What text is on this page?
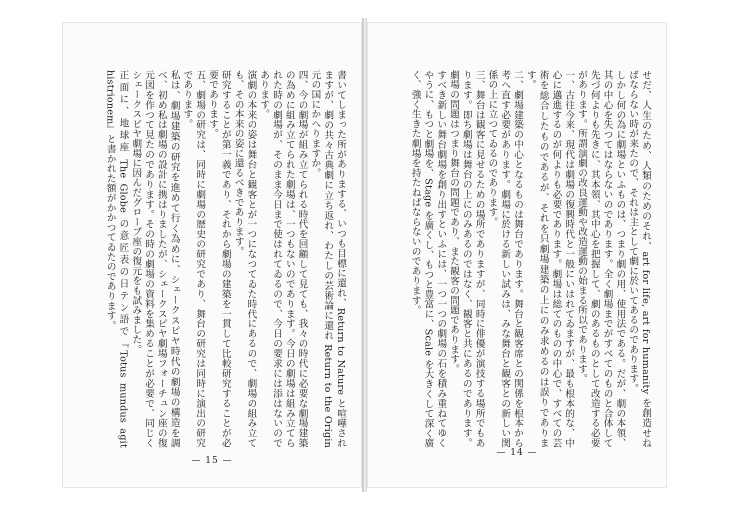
書いてしまった所がありまする、いつも目標に還れ、Return to Nature と喧嘩されますが、劇の共々古典劇に立ち返れ、わたしの芸術論に還れ Return to the Origin 元の国にかへりますか。
四、今の劇場が組み立てられる時代を回顧して見ても、我々の時代に必要な劇場建築の為めに組み立てられた劇場は、一つもないのであります。今日の劇場は組み立てられた時の劇場が、そのまま今日まで使はれてゐるので、今日の要求には添はないのであります。
演劇の本来の姿は舞台と観客とが一つになつてゐた時代にあるので、劇場の組み立ても、その本来の姿に還るべきであります。
研究することが第一義であり、それから劇場の建築を一貫して比較研究することが必要であります。
五、劇場の研究は、同時に劇場の歴史の研究であり、舞台の研究は同時に演出の研究であります。
私は、劇場建築の研究を進めて行く為めに、シェークスピヤ時代の劇場の構造を調べ、初め私は劇場の設計に携はりましたが、シェークスピヤ劇場フォーチュン座の復元図を作つて見たのであります。その時の劇場の資料を集めることが必要で、同じくシェークスピヤ劇場に因んだグローブ座の復元をも試みました。
正面に、地球座 The Globe の意匠表の日テン語で『Totus mundus agit histrionem』と書かれた額がかかつてゐたのであります。
— 15 —
せだ、人生のため、人類のためのそれ、art for life, art for humanity を創造せねばならない時が来たので、それは主として劇に於いてあるのであります。
しかし何の為に劇場といふものは、つまり劇の用、使用法である。だが、劇の本領、其の中心を失つてはならないのであります。全く劇場までがすべてのものと合体して先づ何よりも先きに、其本領、其中心を把握して、劇のあるものとして改造する必要があります。所謂演劇の改良運動や改造運動の始まる所以であります。
一、古往今来、現代は劇場の復興時代と一般にいはれてゐますが、最も根本的な、中心に邁進するのが何よりも必要であります。劇場は総てのものの中心で、すべての芸術を総合したものであるが、それを只劇場建築の上にのみ求めるのは誤りであります。
二、劇場建築の中心となるものは舞台であります。舞台と観客席との関係を根本から考へ直す必要があります。劇場に於ける新しい試みは、みな舞台と観客との新しい関係の上に立つてゐるのであります。
三、舞台は観客に見せるための場所でありますが、同時に俳優が演技する場所でもあります。即ち劇場は舞台の上にのみあるのではなく、観客と共にあるのであります。劇場の問題はつまり舞台の問題であり、また観客の問題であります。
すべき新しい舞台劇場を創り出すといふには、一つ一つの劇場の石を積み重ねてゆくやうに、もつと劇場を、Stage を廣くし、もつと豊富に、Scale を大きくして深く廣く、強く生きた劇場を持たねばならないのであります。
— 14 —
